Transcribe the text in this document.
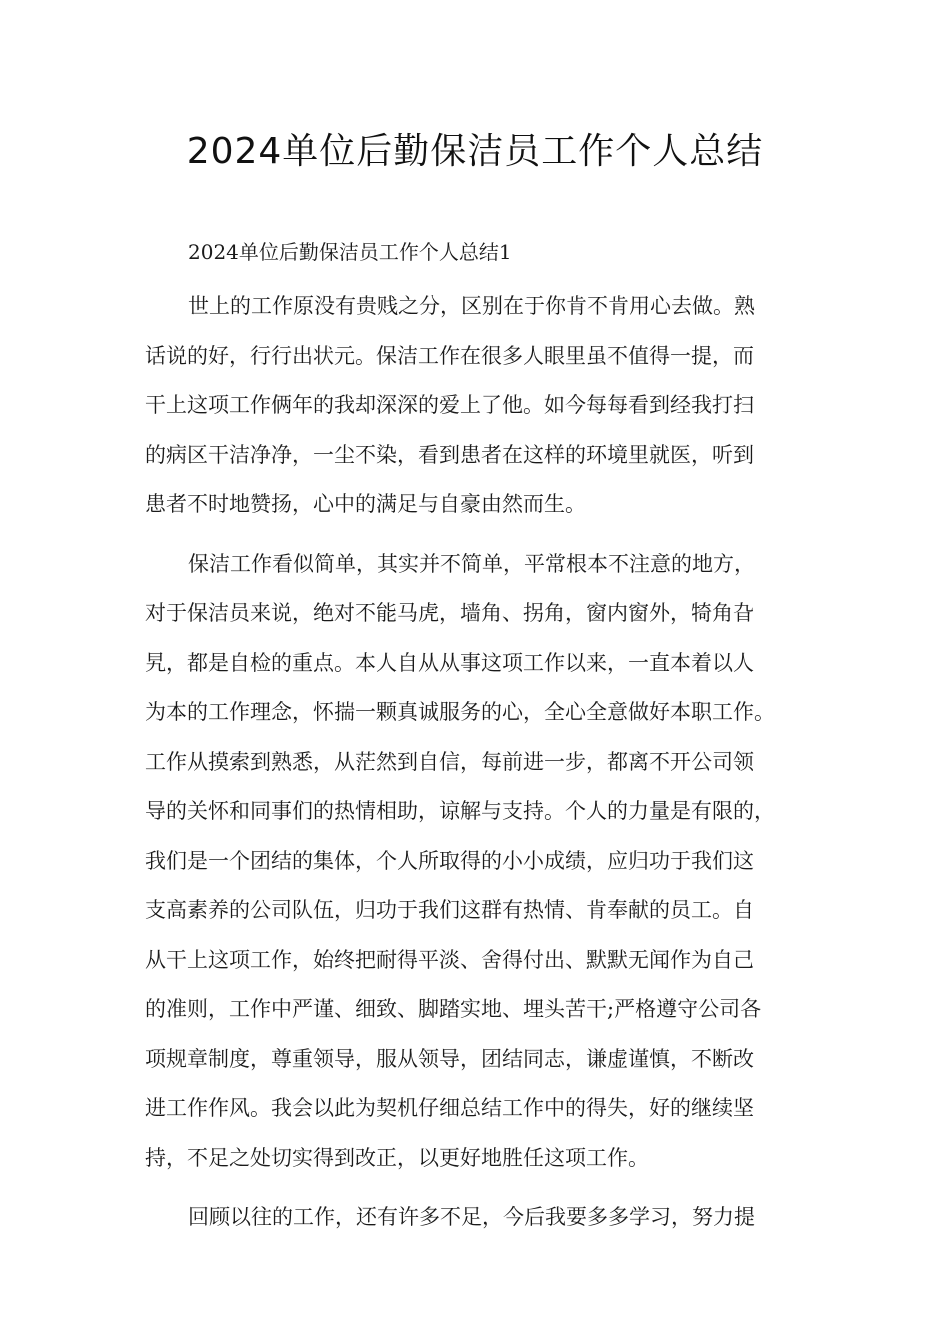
2024单位后勤保洁员工作个人总结

2024单位后勤保洁员工作个人总结1

世上的工作原没有贵贱之分，区别在于你肯不肯用心去做。熟
话说的好，行行出状元。保洁工作在很多人眼里虽不值得一提，而
干上这项工作俩年的我却深深的爱上了他。如今每每看到经我打扫
的病区干洁净净，一尘不染，看到患者在这样的环境里就医，听到
患者不时地赞扬，心中的满足与自豪由然而生。

保洁工作看似简单，其实并不简单，平常根本不注意的地方，
对于保洁员来说，绝对不能马虎，墙角、拐角，窗内窗外，犄角旮
旯，都是自检的重点。本人自从从事这项工作以来，一直本着以人
为本的工作理念，怀揣一颗真诚服务的心，全心全意做好本职工作。
工作从摸索到熟悉，从茫然到自信，每前进一步，都离不开公司领
导的关怀和同事们的热情相助，谅解与支持。个人的力量是有限的，
我们是一个团结的集体，个人所取得的小小成绩，应归功于我们这
支高素养的公司队伍，归功于我们这群有热情、肯奉献的员工。自
从干上这项工作，始终把耐得平淡、舍得付出、默默无闻作为自己
的准则，工作中严谨、细致、脚踏实地、埋头苦干;严格遵守公司各
项规章制度，尊重领导，服从领导，团结同志，谦虚谨慎，不断改
进工作作风。我会以此为契机仔细总结工作中的得失，好的继续坚
持，不足之处切实得到改正，以更好地胜任这项工作。

回顾以往的工作，还有许多不足，今后我要多多学习，努力提
